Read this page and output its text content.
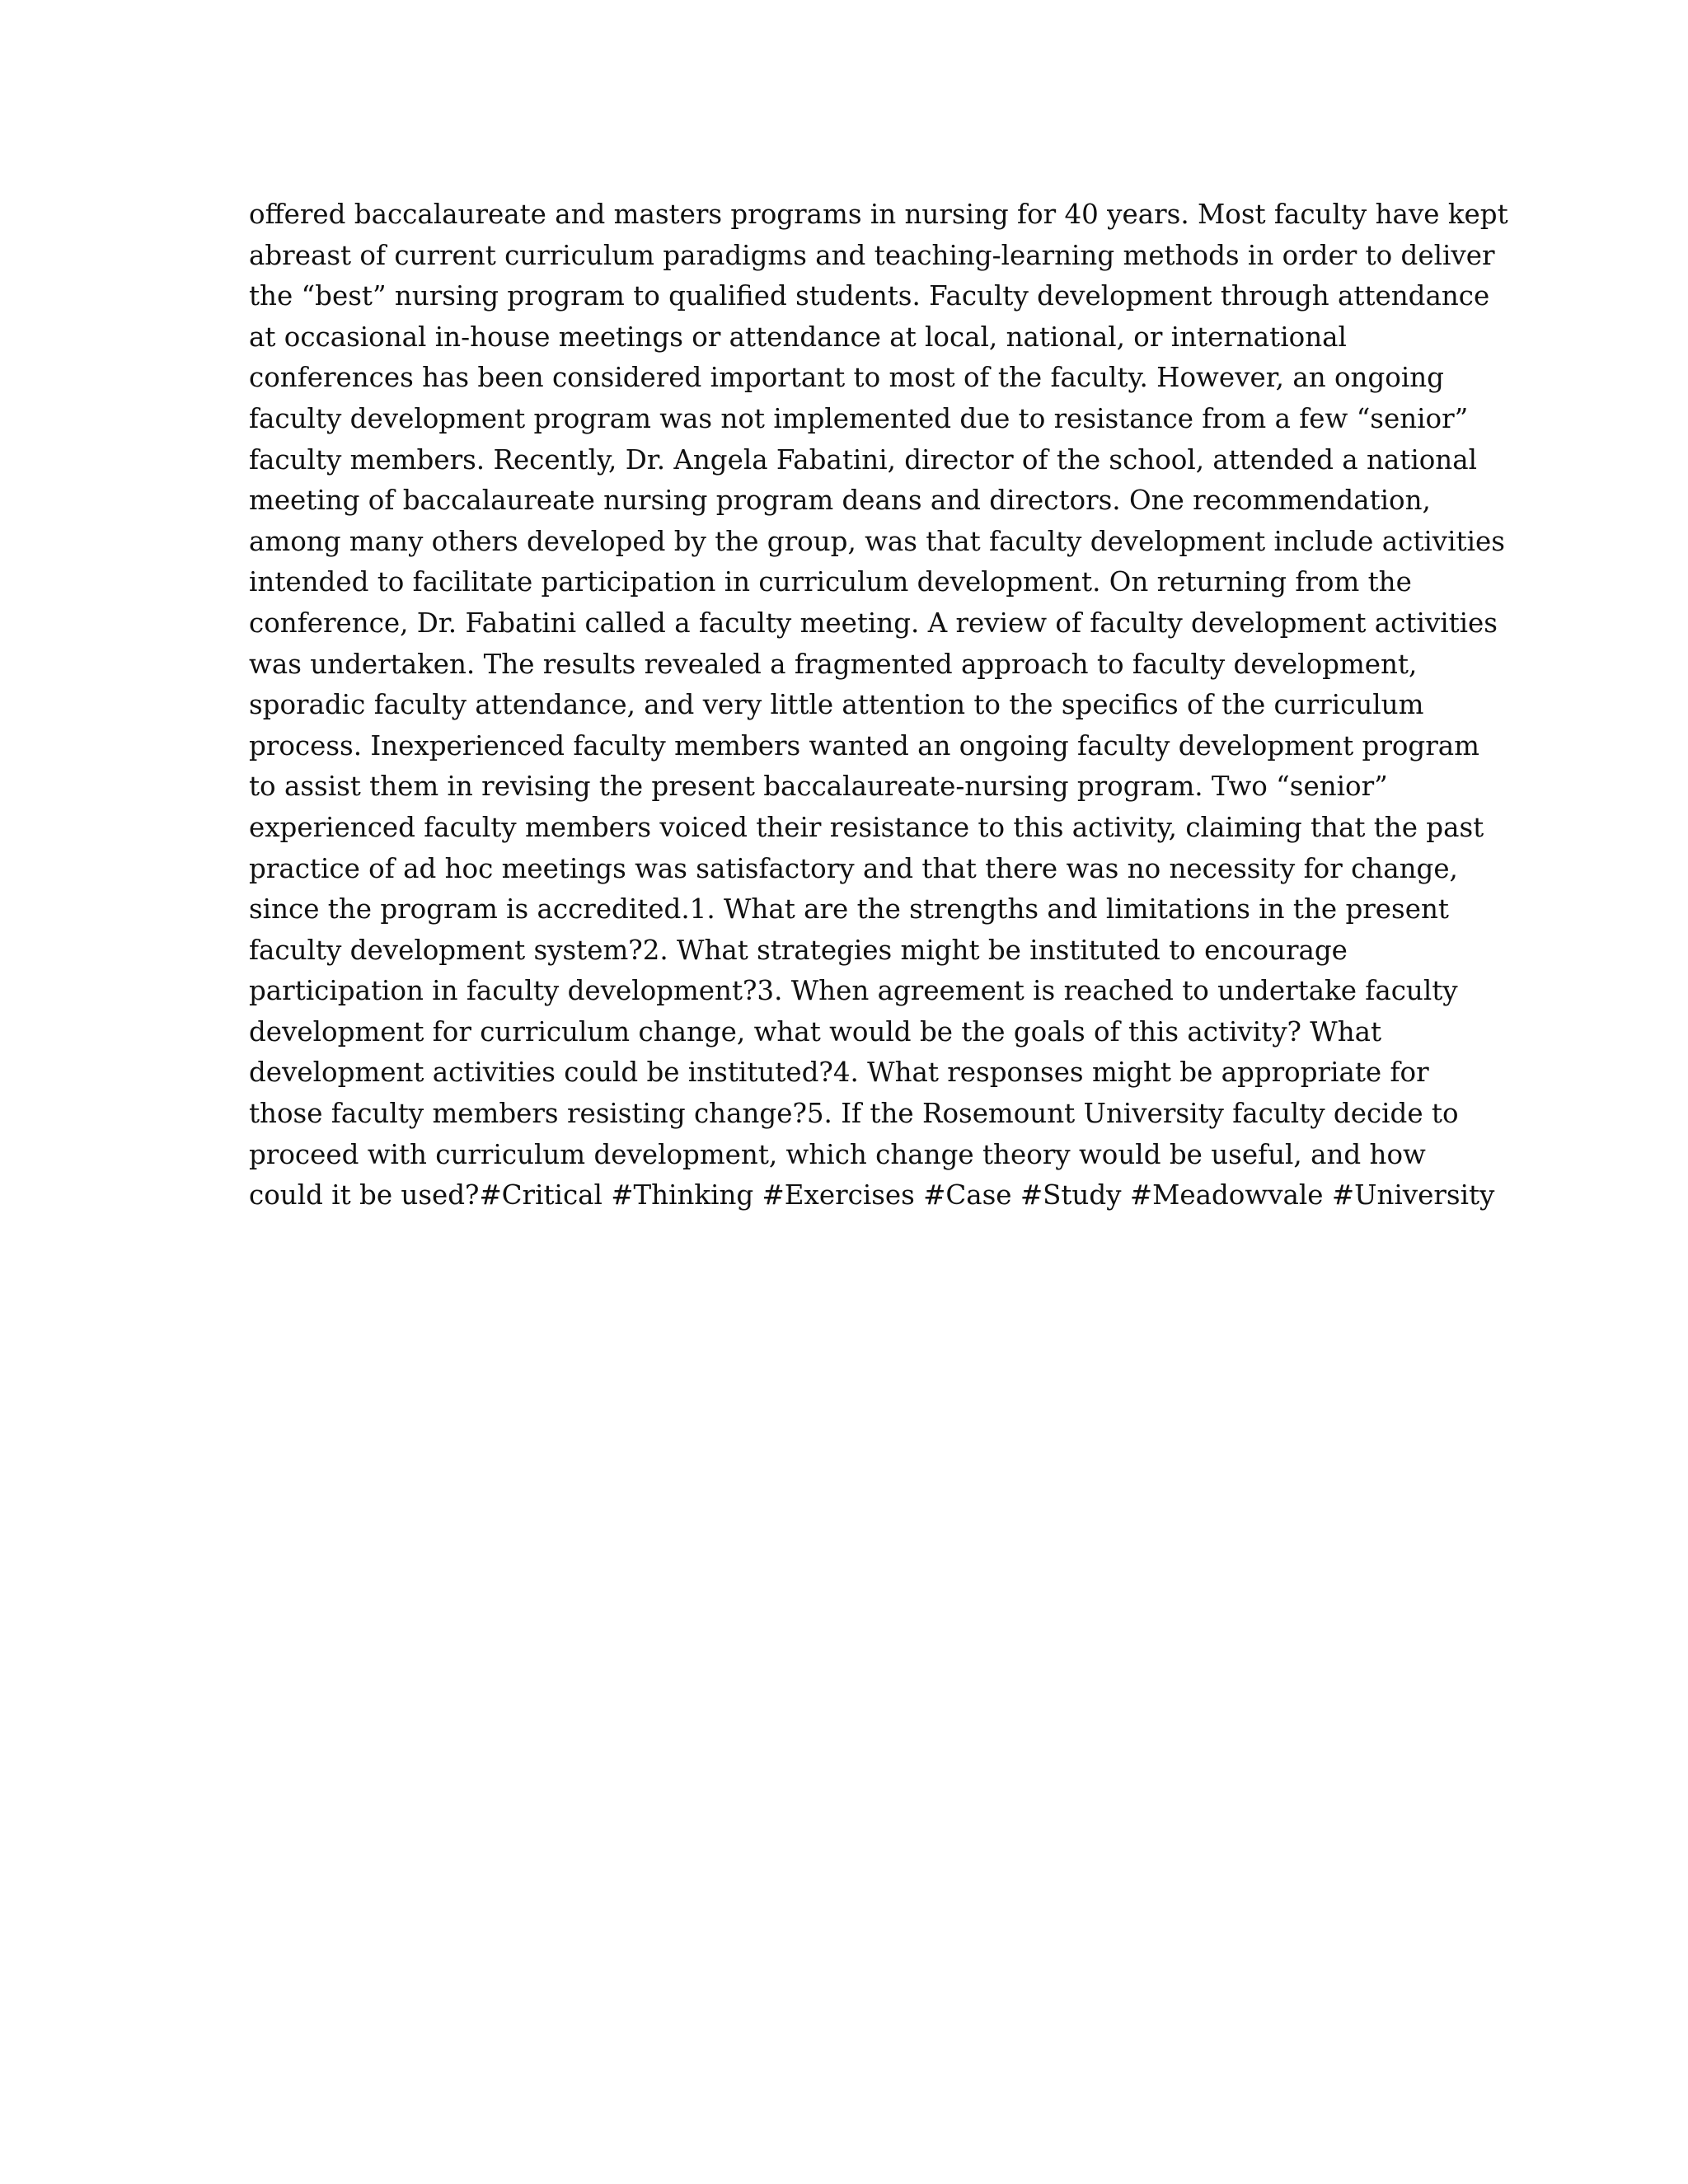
offered baccalaureate and masters programs in nursing for 40 years. Most faculty have kept
abreast of current curriculum paradigms and teaching-learning methods in order to deliver
the “best” nursing program to qualified students. Faculty development through attendance
at occasional in-house meetings or attendance at local, national, or international
conferences has been considered important to most of the faculty. However, an ongoing
faculty development program was not implemented due to resistance from a few “senior”
faculty members. Recently, Dr. Angela Fabatini, director of the school, attended a national
meeting of baccalaureate nursing program deans and directors. One recommendation,
among many others developed by the group, was that faculty development include activities
intended to facilitate participation in curriculum development. On returning from the
conference, Dr. Fabatini called a faculty meeting. A review of faculty development activities
was undertaken. The results revealed a fragmented approach to faculty development,
sporadic faculty attendance, and very little attention to the specifics of the curriculum
process. Inexperienced faculty members wanted an ongoing faculty development program
to assist them in revising the present baccalaureate-nursing program. Two “senior”
experienced faculty members voiced their resistance to this activity, claiming that the past
practice of ad hoc meetings was satisfactory and that there was no necessity for change,
since the program is accredited.1. What are the strengths and limitations in the present
faculty development system?2. What strategies might be instituted to encourage
participation in faculty development?3. When agreement is reached to undertake faculty
development for curriculum change, what would be the goals of this activity? What
development activities could be instituted?4. What responses might be appropriate for
those faculty members resisting change?5. If the Rosemount University faculty decide to
proceed with curriculum development, which change theory would be useful, and how
could it be used?#Critical #Thinking #Exercises #Case #Study #Meadowvale #University
